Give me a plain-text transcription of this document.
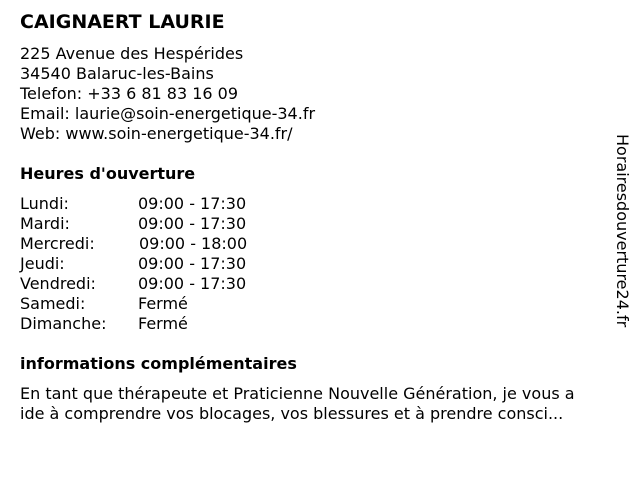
CAIGNAERT LAURIE
225 Avenue des Hespérides
34540 Balaruc-les-Bains
Telefon: +33 6 81 83 16 09
Email: laurie@soin-energetique-34.fr
Web: www.soin-energetique-34.fr/
Heures d'ouverture
Lundi:	09:00 - 17:30
Mardi:	09:00 - 17:30
Mercredi:	09:00 - 18:00
Jeudi:	09:00 - 17:30
Vendredi:	09:00 - 17:30
Samedi:	Fermé
Dimanche: Fermé
informations complémentaires
En tant que thérapeute et Praticienne Nouvelle Génération, je vous a
ide à comprendre vos blocages, vos blessures et à prendre consci...
Horairesdouverture24.fr
